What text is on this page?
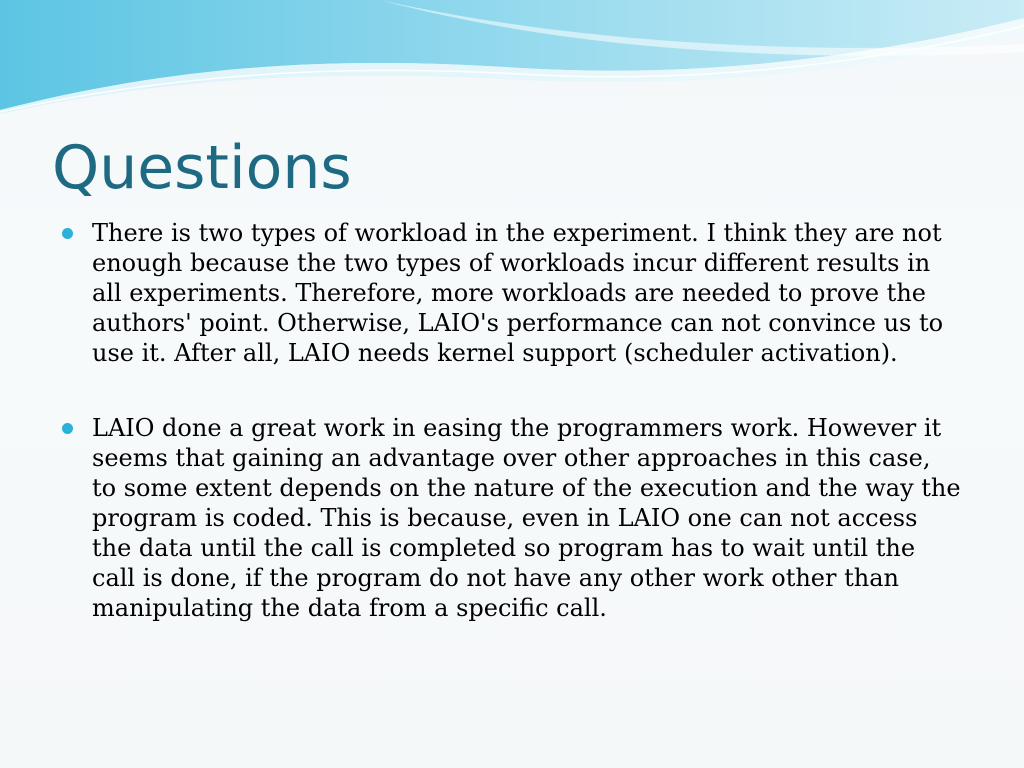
Questions
There is two types of workload in the experiment. I think they are not enough because the two types of workloads incur different results in all experiments. Therefore, more workloads are needed to prove the authors' point. Otherwise, LAIO's performance can not convince us to use it. After all, LAIO needs kernel support (scheduler activation).
LAIO done a great work in easing the programmers work. However it seems that gaining an advantage over other approaches in this case, to some extent depends on the nature of the execution and the way the program is coded. This is because, even in LAIO one can not access the data until the call is completed so program has to wait until the call is done, if the program do not have any other work other than manipulating the data from a specific call.
